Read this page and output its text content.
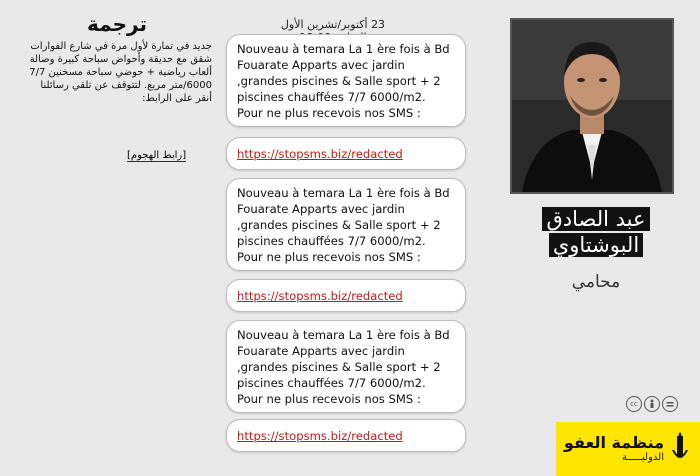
ترجمة
جديد في تمارة لأول مرة في شارع الفوارات شقق مع حديقة وأحواض سباحة كبيرة وصالة ألعاب رياضية + حوضي سباحة مسخنين 7/7 6000/متر مربع. لتتوقف عن تلقي رسائلنا أنقر على الرابط:
[رابط الهجوم]
23 أكتوبر/تشرين الأول
Nouveau à temara La 1 ère fois à Bd Fouarate Apparts avec jardin ,grandes piscines & Salle sport + 2 piscines chauffées 7/7 6000/m2. Pour ne plus recevois nos SMS :
https://stopsms.biz/redacted
Nouveau à temara La 1 ère fois à Bd Fouarate Apparts avec jardin ,grandes piscines & Salle sport + 2 piscines chauffées 7/7 6000/m2. Pour ne plus recevois nos SMS :
https://stopsms.biz/redacted
Nouveau à temara La 1 ère fois à Bd Fouarate Apparts avec jardin ,grandes piscines & Salle sport + 2 piscines chauffées 7/7 6000/m2. Pour ne plus recevois nos SMS :
https://stopsms.biz/redacted
عبد الصادق
البوشتاوي
محامي
cc
منظمة العفو
الدوليـــــة
